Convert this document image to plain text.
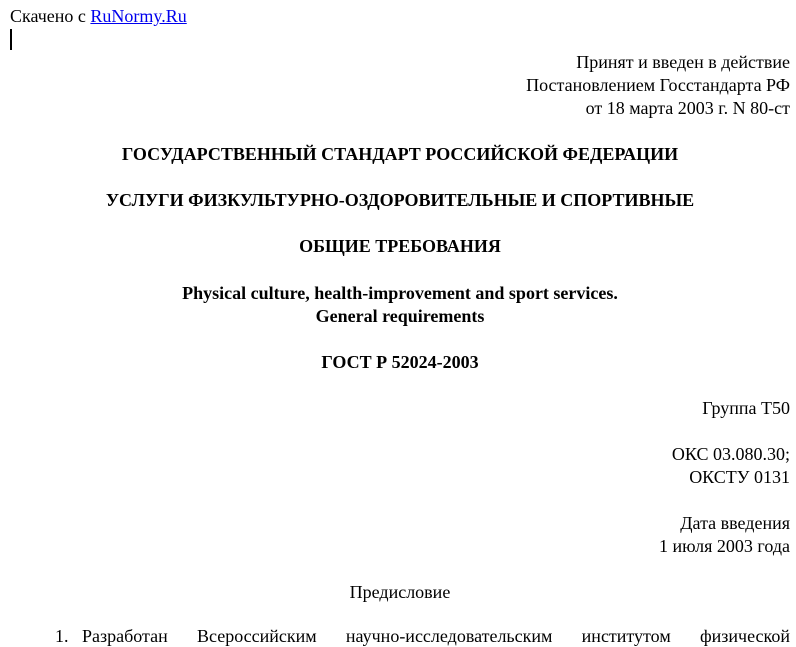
Скачено с RuNormy.Ru
Принят и введен в действие
Постановлением Госстандарта РФ
от 18 марта 2003 г. N 80-ст
ГОСУДАРСТВЕННЫЙ СТАНДАРТ РОССИЙСКОЙ ФЕДЕРАЦИИ
УСЛУГИ ФИЗКУЛЬТУРНО-ОЗДОРОВИТЕЛЬНЫЕ И СПОРТИВНЫЕ
ОБЩИЕ ТРЕБОВАНИЯ
Physical culture, health-improvement and sport services.
General requirements
ГОСТ Р 52024-2003
Группа Т50
ОКС 03.080.30;
ОКСТУ 0131
Дата введения
1 июля 2003 года
Предисловие
1. Разработан Всероссийским научно-исследовательским институтом физической
